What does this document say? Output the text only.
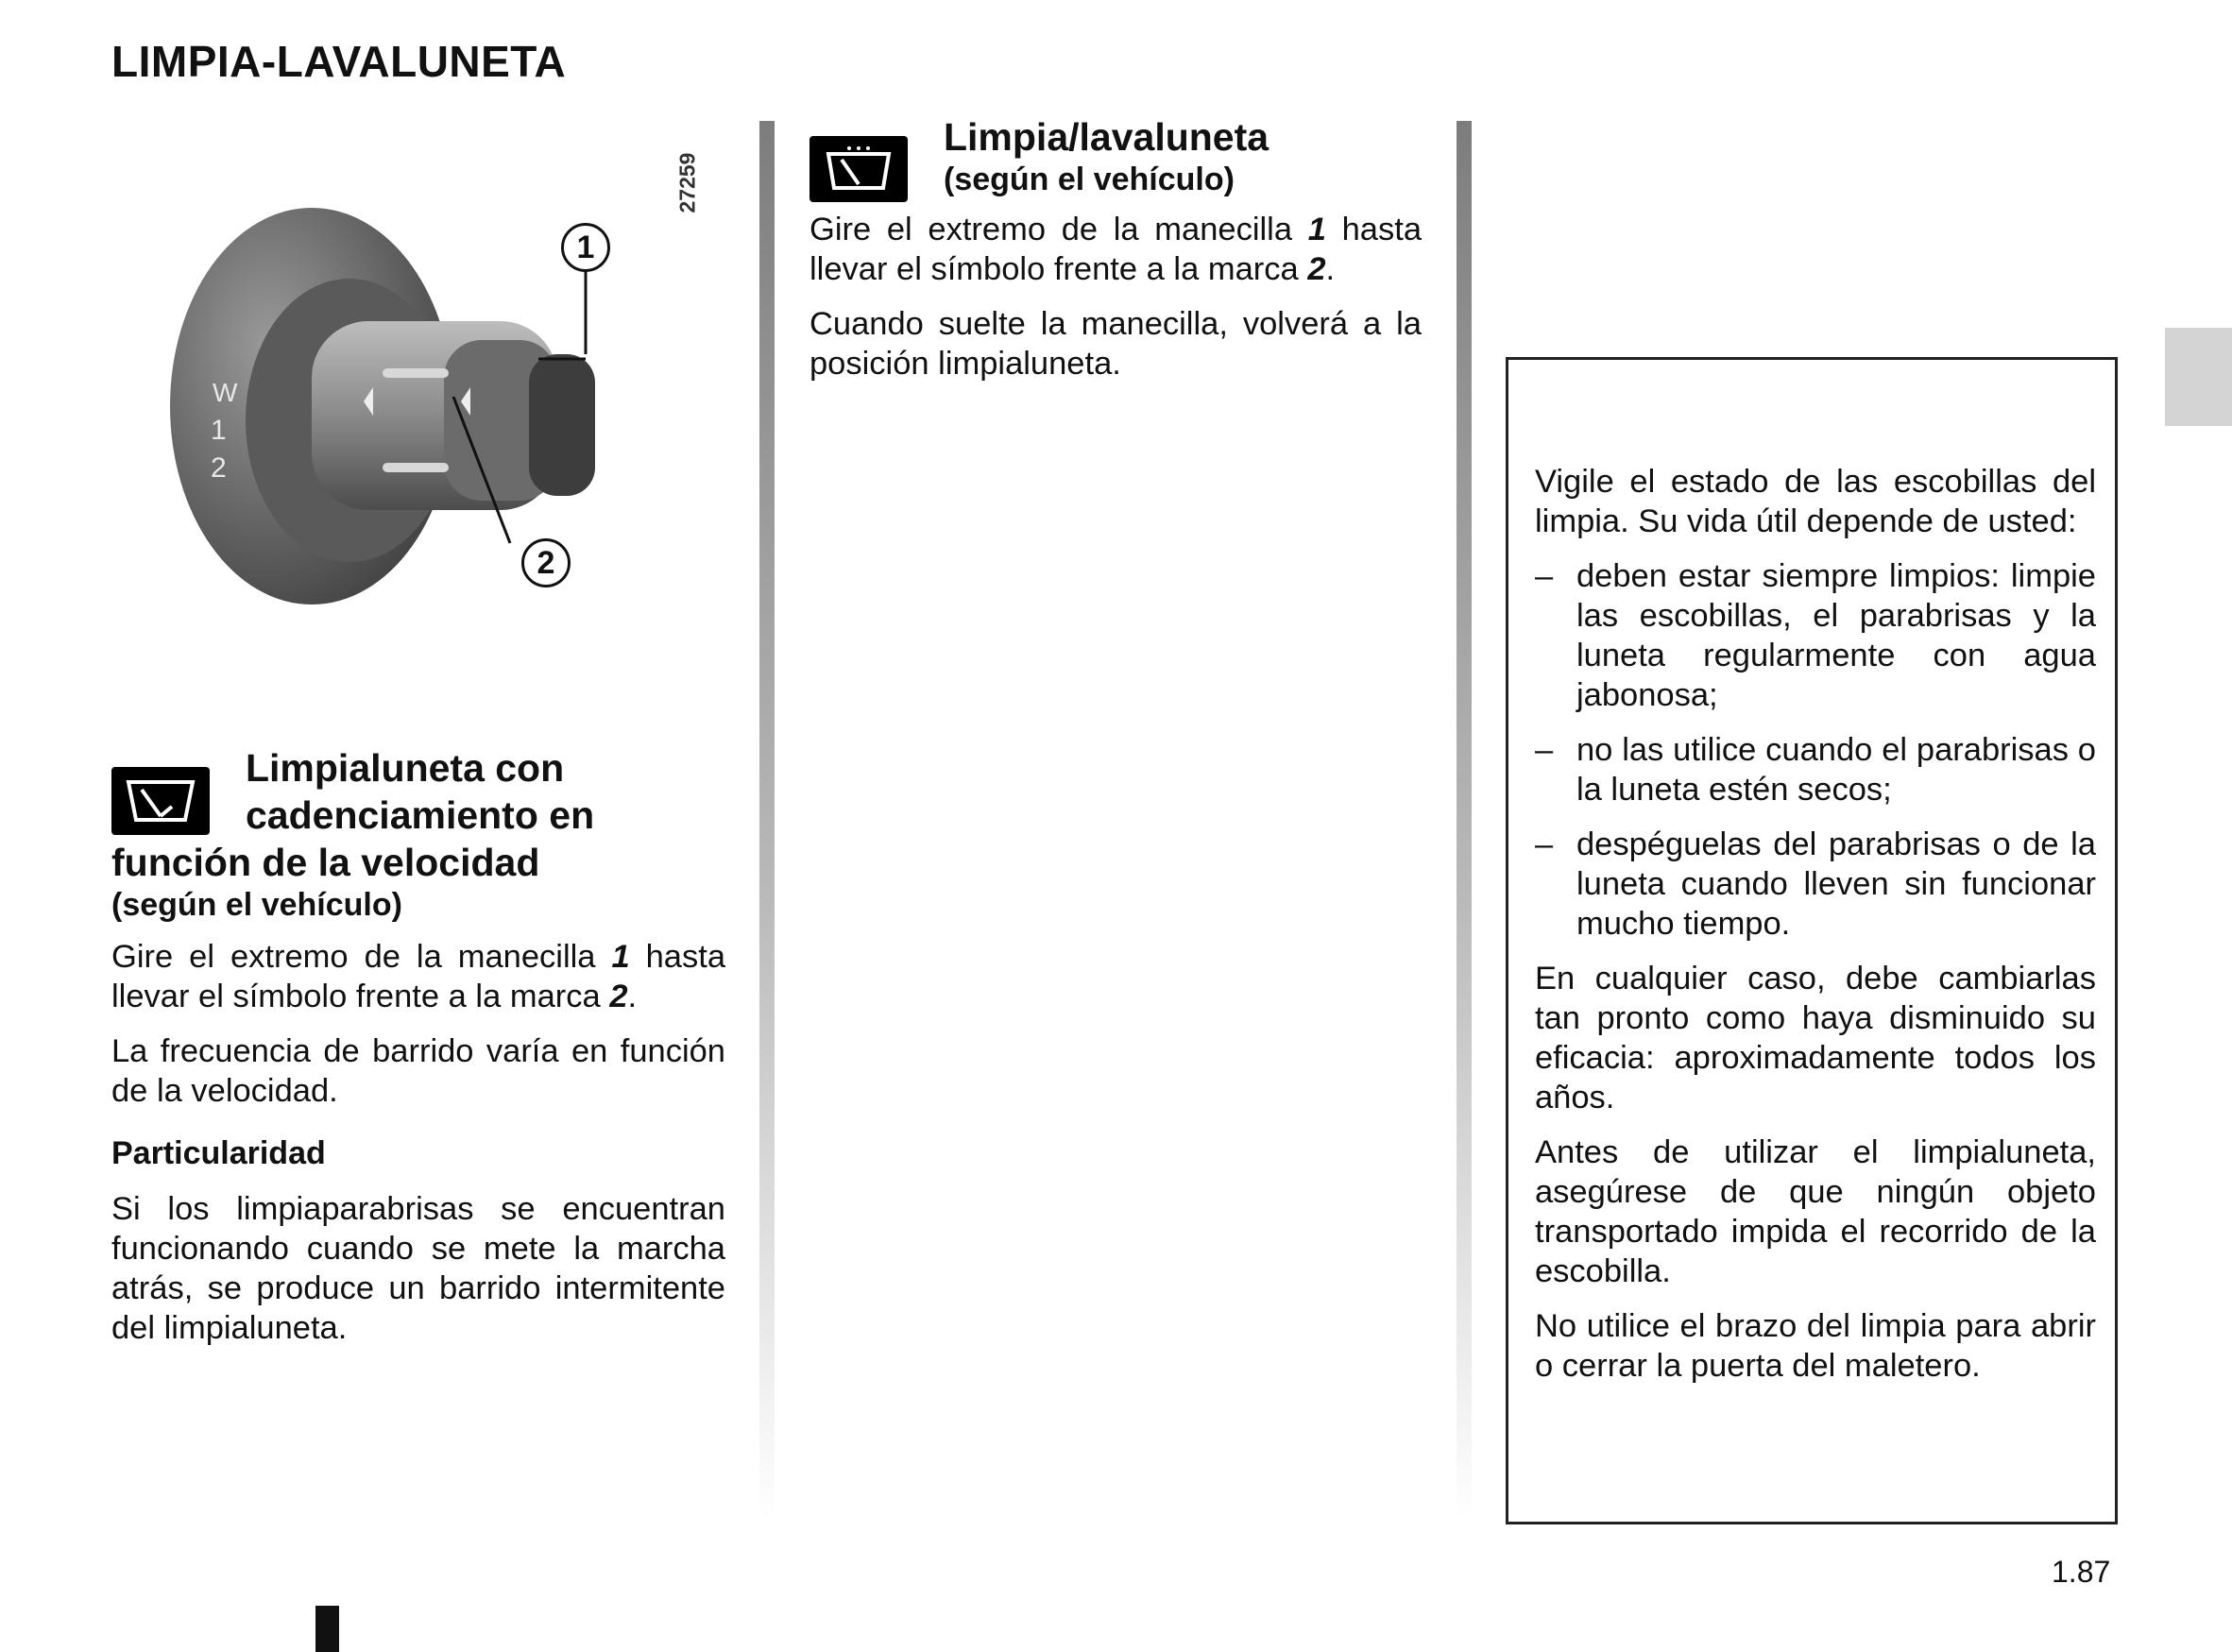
LIMPIA-LAVALUNETA
W
1
2
1
2
27259

Limpialuneta con

cadenciamiento en

función de la velocidad

(según el vehículo)

Gire el extremo de la manecilla 1 hasta llevar el símbolo frente a la marca 2.

La frecuencia de barrido varía en función de la velocidad.

Particularidad

Si los limpiaparabrisas se encuentran funcionando cuando se mete la marcha atrás, se produce un barrido intermitente del limpialuneta.

Limpia/lavaluneta

(según el vehículo)

Gire el extremo de la manecilla 1 hasta llevar el símbolo frente a la marca 2.

Cuando suelte la manecilla, volverá a la posición limpialuneta.

Vigile el estado de las escobillas del limpia. Su vida útil depende de usted:

– deben estar siempre limpios: limpie las escobillas, el parabrisas y la luneta regularmente con agua jabonosa;
– no las utilice cuando el parabrisas o la luneta estén secos;
– despéguelas del parabrisas o de la luneta cuando lleven sin funcionar mucho tiempo.

En cualquier caso, debe cambiarlas tan pronto como haya disminuido su eficacia: aproximadamente todos los años.

Antes de utilizar el limpialuneta, asegúrese de que ningún objeto transportado impida el recorrido de la escobilla.

No utilice el brazo del limpia para abrir o cerrar la puerta del maletero.

1.87
